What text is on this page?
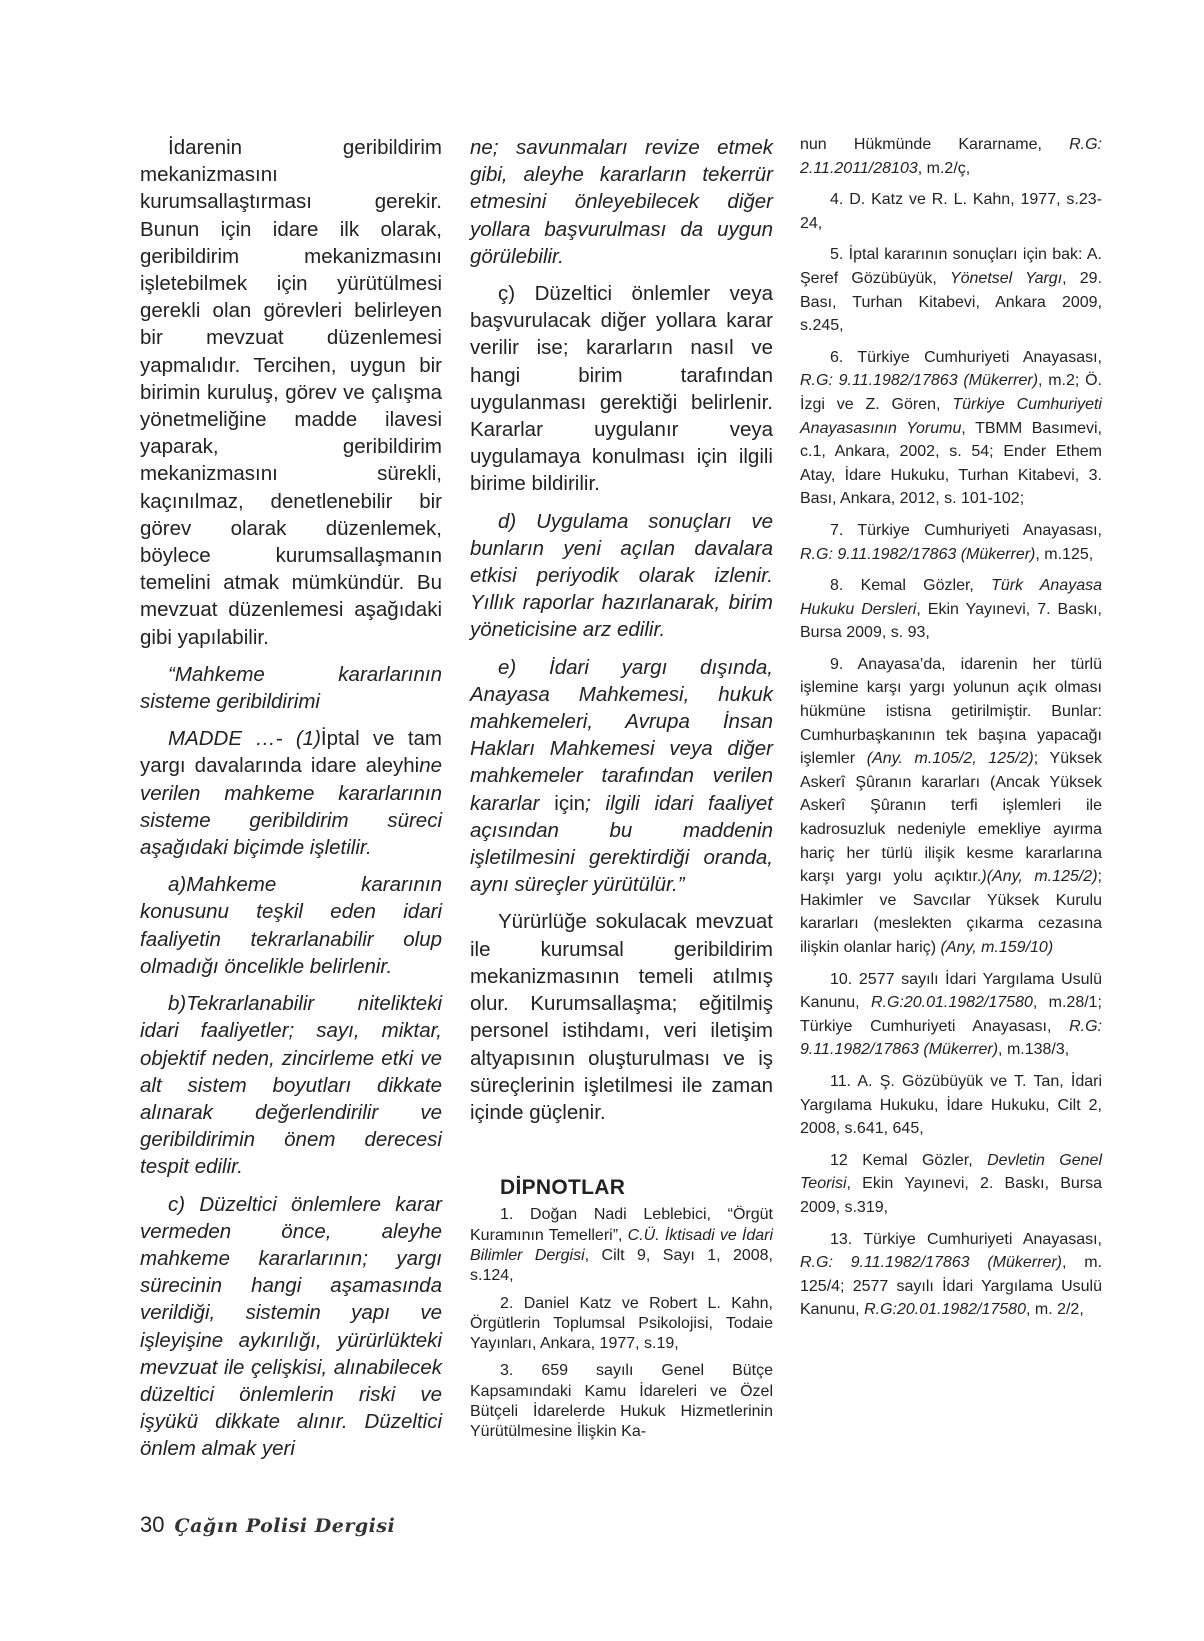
İdarenin geribildirim mekanizmasını kurumsallaştırması gerekir. Bunun için idare ilk olarak, geribildirim mekanizmasını işletebilmek için yürütülmesi gerekli olan görevleri belirleyen bir mevzuat düzenlemesi yapmalıdır. Tercihen, uygun bir birimin kuruluş, görev ve çalışma yönetmeliğine madde ilavesi yaparak, geribildirim mekanizmasını sürekli, kaçınılmaz, denetlenebilir bir görev olarak düzenlemek, böylece kurumsallaşmanın temelini atmak mümkündür. Bu mevzuat düzenlemesi aşağıdaki gibi yapılabilir.

“Mahkeme kararlarının sisteme geribildirimi

MADDE …- (1)İptal ve tam yargı davalarında idare aleyhine verilen mahkeme kararlarının sisteme geribildirim süreci aşağıdaki biçimde işletilir.

a)Mahkeme kararının konusunu teşkil eden idari faaliyetin tekrarlanabilir olup olmadığı öncelikle belirlenir.

b)Tekrarlanabilir nitelikteki idari faaliyetler; sayı, miktar, objektif neden, zincirleme etki ve alt sistem boyutları dikkate alınarak değerlendirilir ve geribildirimin önem derecesi tespit edilir.

c) Düzeltici önlemlere karar vermeden önce, aleyhe mahkeme kararlarının; yargı sürecinin hangi aşamasında verildiği, sistemin yapı ve işleyişine aykırılığı, yürürlükteki mevzuat ile çelişkisi, alınabilecek düzeltici önlemlerin riski ve işyükü dikkate alınır. Düzeltici önlem almak yeri

ne; savunmaları revize etmek gibi, aleyhe kararların tekerrür etmesini önleyebilecek diğer yollara başvurulması da uygun görülebilir.

ç) Düzeltici önlemler veya başvurulacak diğer yollara karar verilir ise; kararların nasıl ve hangi birim tarafından uygulanması gerektiği belirlenir. Kararlar uygulanır veya uygulamaya konulması için ilgili birime bildirilir.

d) Uygulama sonuçları ve bunların yeni açılan davalara etkisi periyodik olarak izlenir. Yıllık raporlar hazırlanarak, birim yöneticisine arz edilir.

e) İdari yargı dışında, Anayasa Mahkemesi, hukuk mahkemeleri, Avrupa İnsan Hakları Mahkemesi veya diğer mahkemeler tarafından verilen kararlar için; ilgili idari faaliyet açısından bu maddenin işletilmesini gerektirdiği oranda, aynı süreçler yürütülür.”

Yürürlüğe sokulacak mevzuat ile kurumsal geribildirim mekanizmasının temeli atılmış olur. Kurumsallaşma; eğitilmiş personel istihdamı, veri iletişim altyapısının oluşturulması ve iş süreçlerinin işletilmesi ile zaman içinde güçlenir.

DİPNOTLAR

1. Doğan Nadi Leblebici, “Örgüt Kuramının Temelleri”, C.Ü. İktisadi ve İdari Bilimler Dergisi, Cilt 9, Sayı 1, 2008, s.124,

2. Daniel Katz ve Robert L. Kahn, Örgütlerin Toplumsal Psikolojisi, Todaie Yayınları, Ankara, 1977, s.19,

3. 659 sayılı Genel Bütçe Kapsamındaki Kamu İdareleri ve Özel Bütçeli İdarelerde Hukuk Hizmetlerinin Yürütülmesine İlişkin Ka-

nun Hükmünde Kararname, R.G: 2.11.2011/28103, m.2/ç,

4. D. Katz ve R. L. Kahn, 1977, s.23-24,

5. İptal kararının sonuçları için bak: A. Şeref Gözübüyük, Yönetsel Yargı, 29. Bası, Turhan Kitabevi, Ankara 2009, s.245,

6. Türkiye Cumhuriyeti Anayasası, R.G: 9.11.1982/17863 (Mükerrer), m.2; Ö. İzgi ve Z. Gören, Türkiye Cumhuriyeti Anayasasının Yorumu, TBMM Basımevi, c.1, Ankara, 2002, s. 54; Ender Ethem Atay, İdare Hukuku, Turhan Kitabevi, 3. Bası, Ankara, 2012, s. 101-102;

7. Türkiye Cumhuriyeti Anayasası, R.G: 9.11.1982/17863 (Mükerrer), m.125,

8. Kemal Gözler, Türk Anayasa Hukuku Dersleri, Ekin Yayınevi, 7. Baskı, Bursa 2009, s. 93,

9. Anayasa’da, idarenin her türlü işlemine karşı yargı yolunun açık olması hükmüne istisna getirilmiştir. Bunlar: Cumhurbaşkanının tek başına yapacağı işlemler (Any. m.105/2, 125/2); Yüksek Askerî Şûranın kararları (Ancak Yüksek Askerî Şûranın terfi işlemleri ile kadrosuzluk nedeniyle emekliye ayırma hariç her türlü ilişik kesme kararlarına karşı yargı yolu açıktır.)(Any, m.125/2); Hakimler ve Savcılar Yüksek Kurulu kararları (meslekten çıkarma cezasına ilişkin olanlar hariç) (Any, m.159/10)

10. 2577 sayılı İdari Yargılama Usulü Kanunu, R.G:20.01.1982/17580, m.28/1; Türkiye Cumhuriyeti Anayasası, R.G: 9.11.1982/17863 (Mükerrer), m.138/3,

11. A. Ş. Gözübüyük ve T. Tan, İdari Yargılama Hukuku, İdare Hukuku, Cilt 2, 2008, s.641, 645,

12 Kemal Gözler, Devletin Genel Teorisi, Ekin Yayınevi, 2. Baskı, Bursa 2009, s.319,

13. Türkiye Cumhuriyeti Anayasası, R.G: 9.11.1982/17863 (Mükerrer), m. 125/4; 2577 sayılı İdari Yargılama Usulü Kanunu, R.G:20.01.1982/17580, m. 2/2,

30 Çağın Polisi Dergisi
